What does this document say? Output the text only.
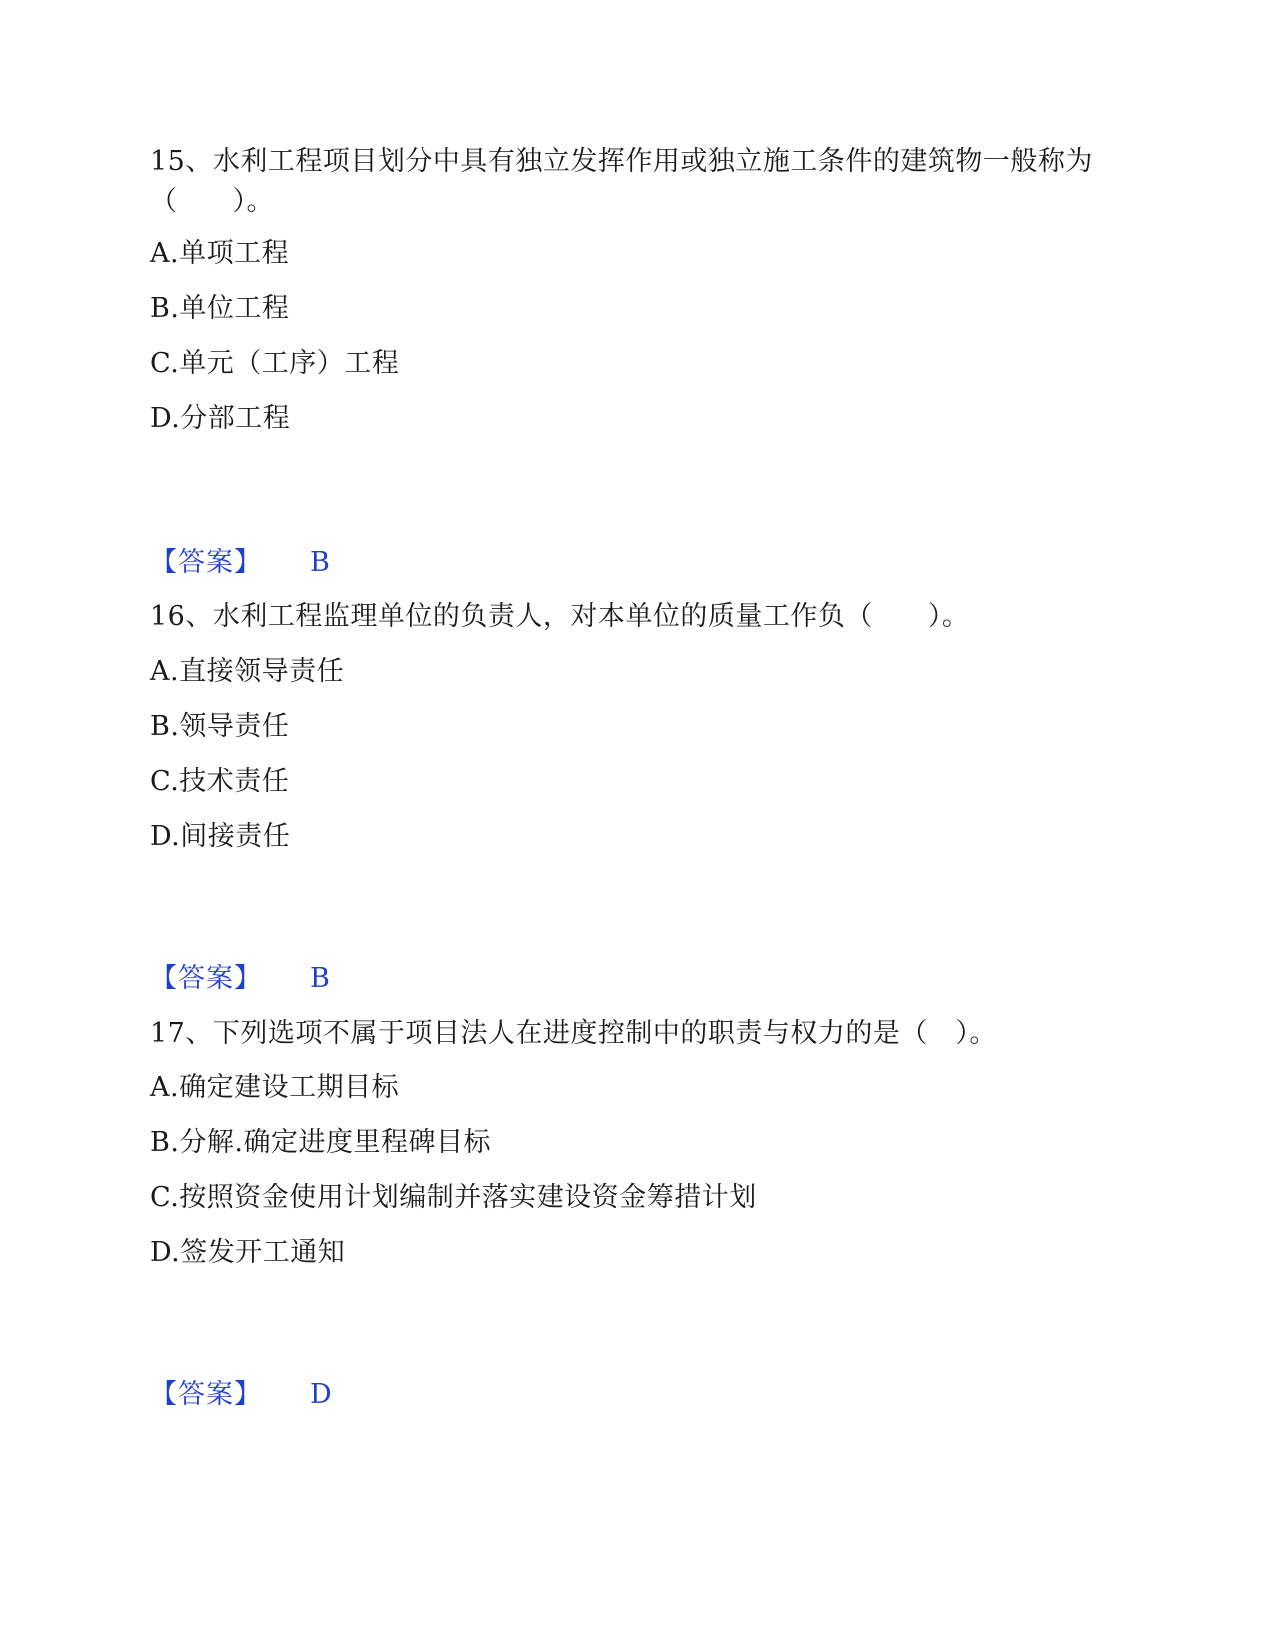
15、水利工程项目划分中具有独立发挥作用或独立施工条件的建筑物一般称为（　　）。

A.单项工程

B.单位工程

C.单元（工序）工程

D.分部工程

【答案】 B

16、水利工程监理单位的负责人，对本单位的质量工作负（　　）。

A.直接领导责任

B.领导责任

C.技术责任

D.间接责任

【答案】 B

17、下列选项不属于项目法人在进度控制中的职责与权力的是（　）。

A.确定建设工期目标

B.分解.确定进度里程碑目标

C.按照资金使用计划编制并落实建设资金筹措计划

D.签发开工通知

【答案】 D
